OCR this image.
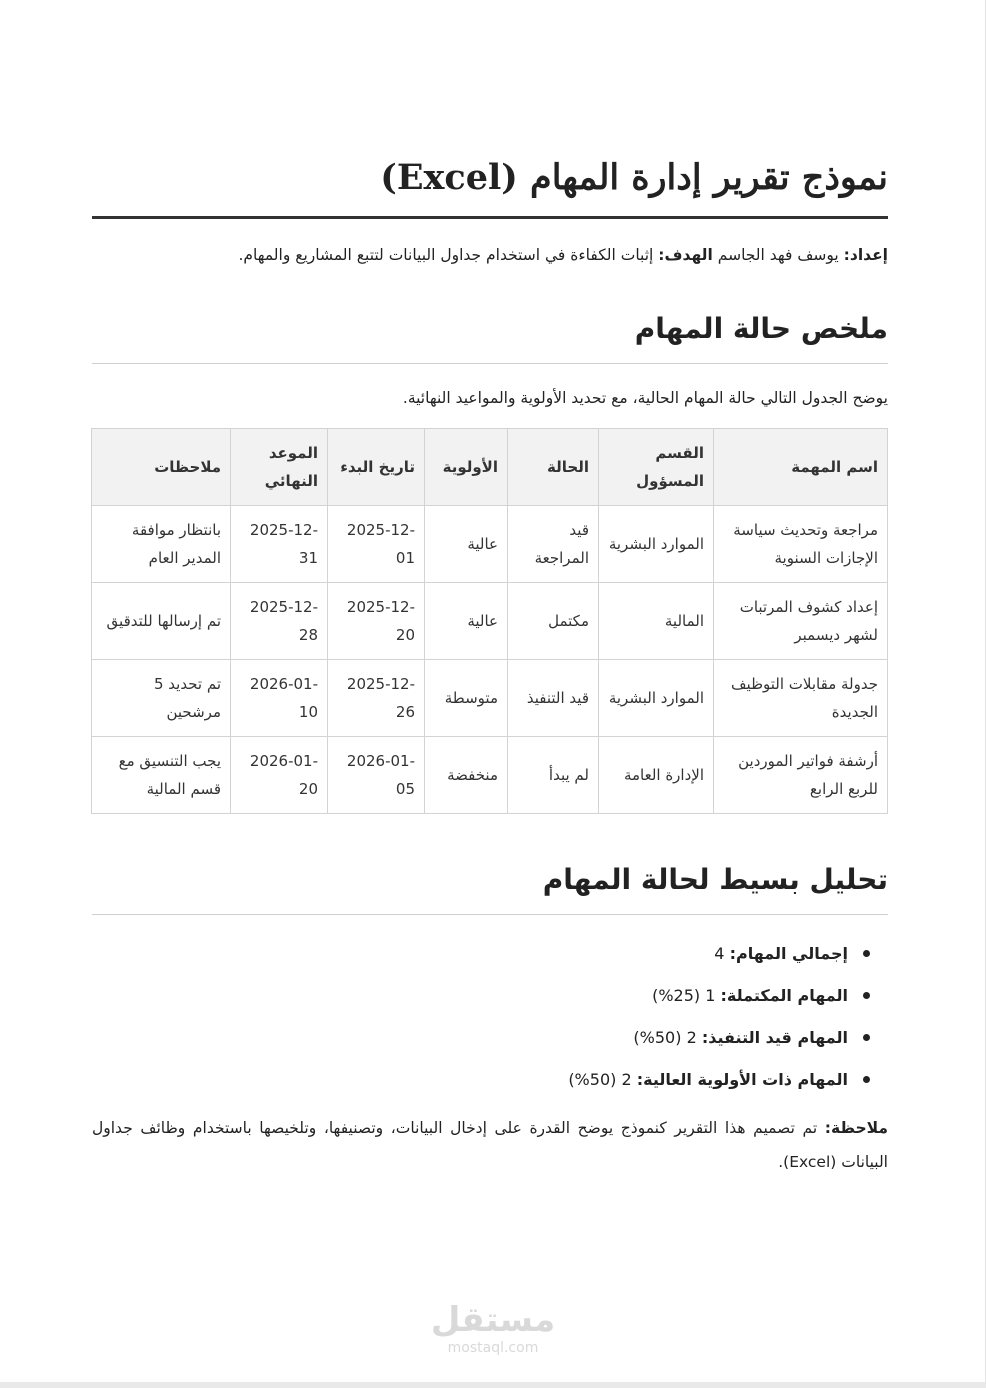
نموذج تقرير إدارة المهام (Excel)

إعداد: يوسف فهد الجاسم الهدف: إثبات الكفاءة في استخدام جداول البيانات لتتبع المشاريع والمهام.

ملخص حالة المهام

يوضح الجدول التالي حالة المهام الحالية، مع تحديد الأولوية والمواعيد النهائية.

اسم المهمة	القسم المسؤول	الحالة	الأولوية	تاريخ البدء	الموعد النهائي	ملاحظات
مراجعة وتحديث سياسة الإجازات السنوية	الموارد البشرية	قيد المراجعة	عالية	2025-12-01	2025-12-31	بانتظار موافقة المدير العام
إعداد كشوف المرتبات لشهر ديسمبر	المالية	مكتمل	عالية	2025-12-20	2025-12-28	تم إرسالها للتدقيق
جدولة مقابلات التوظيف الجديدة	الموارد البشرية	قيد التنفيذ	متوسطة	2025-12-26	2026-01-10	تم تحديد 5 مرشحين
أرشفة فواتير الموردين للربع الرابع	الإدارة العامة	لم يبدأ	منخفضة	2026-01-05	2026-01-20	يجب التنسيق مع قسم المالية
تحليل بسيط لحالة المهام
إجمالي المهام: 4
المهام المكتملة: 1 (25%)
المهام قيد التنفيذ: 2 (50%)
المهام ذات الأولوية العالية: 2 (50%)

ملاحظة: تم تصميم هذا التقرير كنموذج يوضح القدرة على إدخال البيانات، وتصنيفها، وتلخيصها باستخدام وظائف جداول البيانات (Excel).

مستقل
mostaql.com
